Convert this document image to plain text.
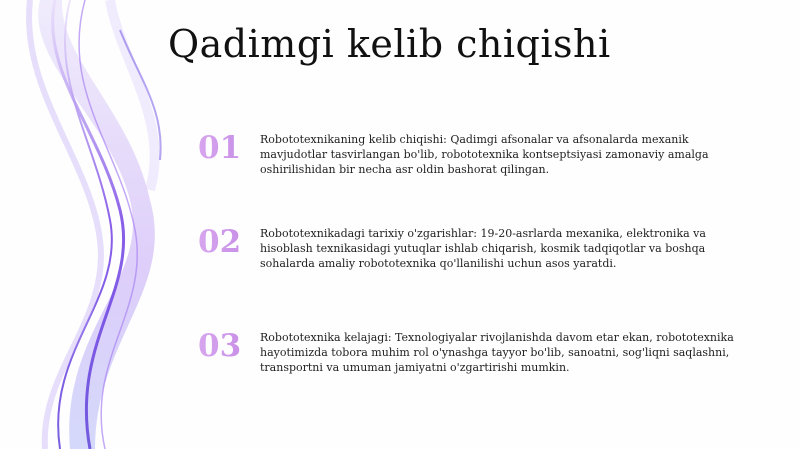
Qadimgi kelib chiqishi
01	Robototexnikaning kelib chiqishi: Qadimgi afsonalar va afsonalarda mexanik mavjudotlar tasvirlangan bo'lib, robototexnika kontseptsiyasi zamonaviy amalga oshirilishidan bir necha asr oldin bashorat qilingan.
02	Robototexnikadagi tarixiy o'zgarishlar: 19-20-asrlarda mexanika, elektronika va hisoblash texnikasidagi yutuqlar ishlab chiqarish, kosmik tadqiqotlar va boshqa sohalarda amaliy robototexnika qo'llanilishi uchun asos yaratdi.
03	Robototexnika kelajagi: Texnologiyalar rivojlanishda davom etar ekan, robototexnika hayotimizda tobora muhim rol o'ynashga tayyor bo'lib, sanoatni, sog'liqni saqlashni, transportni va umuman jamiyatni o'zgartirishi mumkin.
